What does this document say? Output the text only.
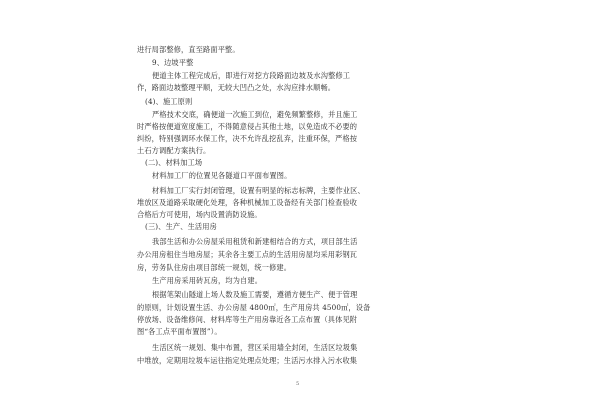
进行局部整修，直至路面平整。
9、边坡平整
便道主体工程完成后，即进行对挖方段路面边坡及水沟整修工
作，路面边坡整理平顺，无较大凹凸之处，水沟应排水顺畅。
(4)、施工原则
严格技术交底，确便道一次施工到位，避免频繁整修，并且施工
时严格按便道宽度施工，不得随意侵占其他土地，以免造成不必要的
纠纷，特别强调环水保工作，决不允许乱挖乱弃，注重环保，严格按
土石方调配方案执行。
(二)、材料加工场
材料加工厂的位置见各隧道口平面布置图。
材料加工厂实行封闭管理，设置有明显的标志标牌，主要作业区、
堆放区及道路采取硬化处理，各种机械加工设备经有关部门检查验收
合格后方可使用，场内设置消防设施。
(三)、生产、生活用房
我部生活和办公房屋采用租赁和新建相结合的方式，项目部生活
办公用房租住当地房屋；其余各主要工点的生活用房屋均采用彩钢瓦
房，劳务队住房由项目部统一规划，统一修建。
生产用房采用砖瓦房，均为自建。
根据笔架山隧道上场人数及施工需要，遵循方便生产、便于管理
的原则，计划设置生活、办公房屋 4800㎡，生产用房共 4500㎡，设备
停放场、设备维修间、材料库等生产用房靠近各工点布置（具体见附
图“各工点平面布置图”）。
生活区统一规划、集中布置，营区采用墙全封闭，生活区垃圾集
中堆放，定期用垃圾车运往指定处理点处理；生活污水排入污水收集
5
